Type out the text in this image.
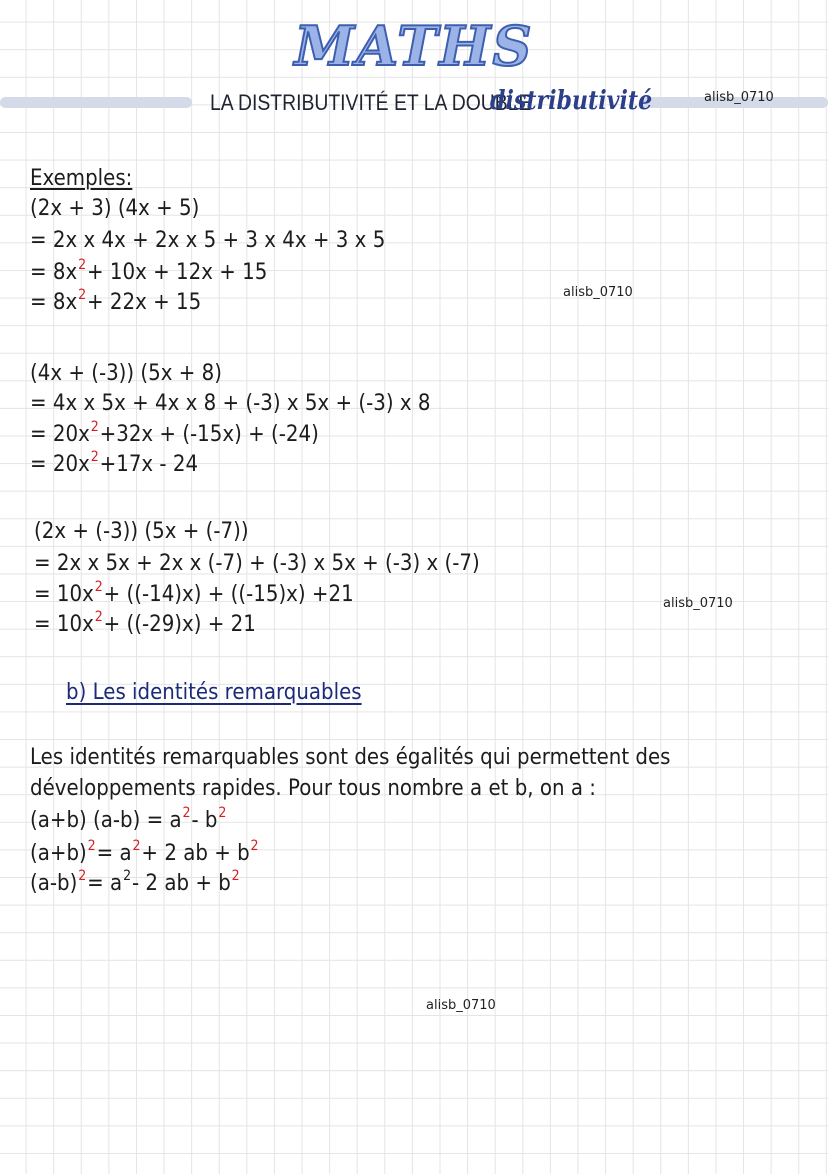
MATHS
LA DISTRIBUTIVITÉ ET LA DOUBLE
distributivité	alisb_0710
Exemples:
(2x + 3) (4x + 5)
= 2x x 4x + 2x x 5 + 3 x 4x + 3 x 5
= $8x^2+ 10x + 12x + 15$
= $8x^2+ 22x + 15$	alisb_0710
(4x + (-3)) (5x + 8)
= 4x x 5x + 4x x 8 + (-3) x 5x + (-3) x 8
= $20x^2+32x + (-15x) + (-24)$
= $20x^2+17x - 24$
(2x + (-3)) (5x + (-7))
= 2x x 5x + 2x x (-7) + (-3) x 5x + (-3) x (-7)
= $10x^2+ ((-14)x) + ((-15)x) +21$
= $10x^2+ ((-29)x) + 21$
alisb_0710
b) Les identités remarquables
Les identités remarquables sont des égalités qui permettent des
développements rapides. Pour tous nombre a et b, on a :
(a+b) $(a-b) = a^2-$ $b^2$
$(a+b)^2= a^2+ 2$ ab + $b^2$
$(a-b)^2= a^2-$ 2 ab + $b^2$
alisb_0710
